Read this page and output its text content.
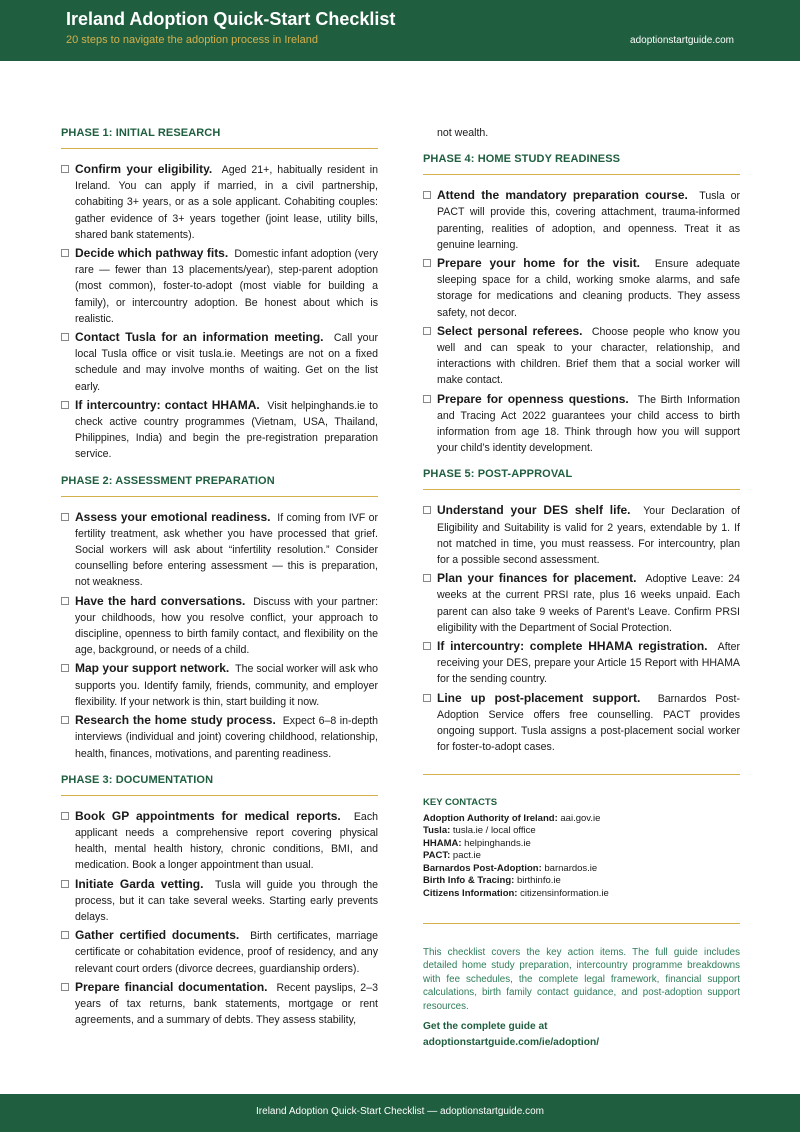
Ireland Adoption Quick-Start Checklist
20 steps to navigate the adoption process in Ireland	adoptionstartguide.com
PHASE 1: INITIAL RESEARCH
Confirm your eligibility. Aged 21+, habitually resident in Ireland. You can apply if married, in a civil partnership, cohabiting 3+ years, or as a sole applicant. Cohabiting couples: gather evidence of 3+ years together (joint lease, utility bills, shared bank statements).
Decide which pathway fits. Domestic infant adoption (very rare — fewer than 13 placements/year), step-parent adoption (most common), foster-to-adopt (most viable for building a family), or intercountry adoption. Be honest about which is realistic.
Contact Tusla for an information meeting. Call your local Tusla office or visit tusla.ie. Meetings are not on a fixed schedule and may involve months of waiting. Get on the list early.
If intercountry: contact HHAMA. Visit helpinghands.ie to check active country programmes (Vietnam, USA, Thailand, Philippines, India) and begin the pre-registration preparation service.
PHASE 2: ASSESSMENT PREPARATION
Assess your emotional readiness. If coming from IVF or fertility treatment, ask whether you have processed that grief. Social workers will ask about “infertility resolution.” Consider counselling before entering assessment — this is preparation, not weakness.
Have the hard conversations. Discuss with your partner: your childhoods, how you resolve conflict, your approach to discipline, openness to birth family contact, and flexibility on the age, background, or needs of a child.
Map your support network. The social worker will ask who supports you. Identify family, friends, community, and employer flexibility. If your network is thin, start building it now.
Research the home study process. Expect 6–8 in-depth interviews (individual and joint) covering childhood, relationship, health, finances, motivations, and parenting readiness.
PHASE 3: DOCUMENTATION
Book GP appointments for medical reports. Each applicant needs a comprehensive report covering physical health, mental health history, chronic conditions, BMI, and medication. Book a longer appointment than usual.
Initiate Garda vetting. Tusla will guide you through the process, but it can take several weeks. Starting early prevents delays.
Gather certified documents. Birth certificates, marriage certificate or cohabitation evidence, proof of residency, and any relevant court orders (divorce decrees, guardianship orders).
Prepare financial documentation. Recent payslips, 2–3 years of tax returns, bank statements, mortgage or rent agreements, and a summary of debts. They assess stability,
not wealth.
PHASE 4: HOME STUDY READINESS
Attend the mandatory preparation course. Tusla or PACT will provide this, covering attachment, trauma-informed parenting, realities of adoption, and openness. Treat it as genuine learning.
Prepare your home for the visit. Ensure adequate sleeping space for a child, working smoke alarms, and safe storage for medications and cleaning products. They assess safety, not decor.
Select personal referees. Choose people who know you well and can speak to your character, relationship, and interactions with children. Brief them that a social worker will make contact.
Prepare for openness questions. The Birth Information and Tracing Act 2022 guarantees your child access to birth information from age 18. Think through how you will support your child’s identity development.
PHASE 5: POST-APPROVAL
Understand your DES shelf life. Your Declaration of Eligibility and Suitability is valid for 2 years, extendable by 1. If not matched in time, you must reassess. For intercountry, plan for a possible second assessment.
Plan your finances for placement. Adoptive Leave: 24 weeks at the current PRSI rate, plus 16 weeks unpaid. Each parent can also take 9 weeks of Parent’s Leave. Confirm PRSI eligibility with the Department of Social Protection.
If intercountry: complete HHAMA registration. After receiving your DES, prepare your Article 15 Report with HHAMA for the sending country.
Line up post-placement support. Barnardos Post-Adoption Service offers free counselling. PACT provides ongoing support. Tusla assigns a post-placement social worker for foster-to-adopt cases.
KEY CONTACTS
Adoption Authority of Ireland: aai.gov.ie
Tusla: tusla.ie / local office
HHAMA: helpinghands.ie
PACT: pact.ie
Barnardos Post-Adoption: barnardos.ie
Birth Info & Tracing: birthinfo.ie
Citizens Information: citizensinformation.ie
This checklist covers the key action items. The full guide includes detailed home study preparation, intercountry programme breakdowns with fee schedules, the complete legal framework, financial support calculations, birth family contact guidance, and post-adoption support resources.
Get the complete guide at
adoptionstartguide.com/ie/adoption/
Ireland Adoption Quick-Start Checklist — adoptionstartguide.com
